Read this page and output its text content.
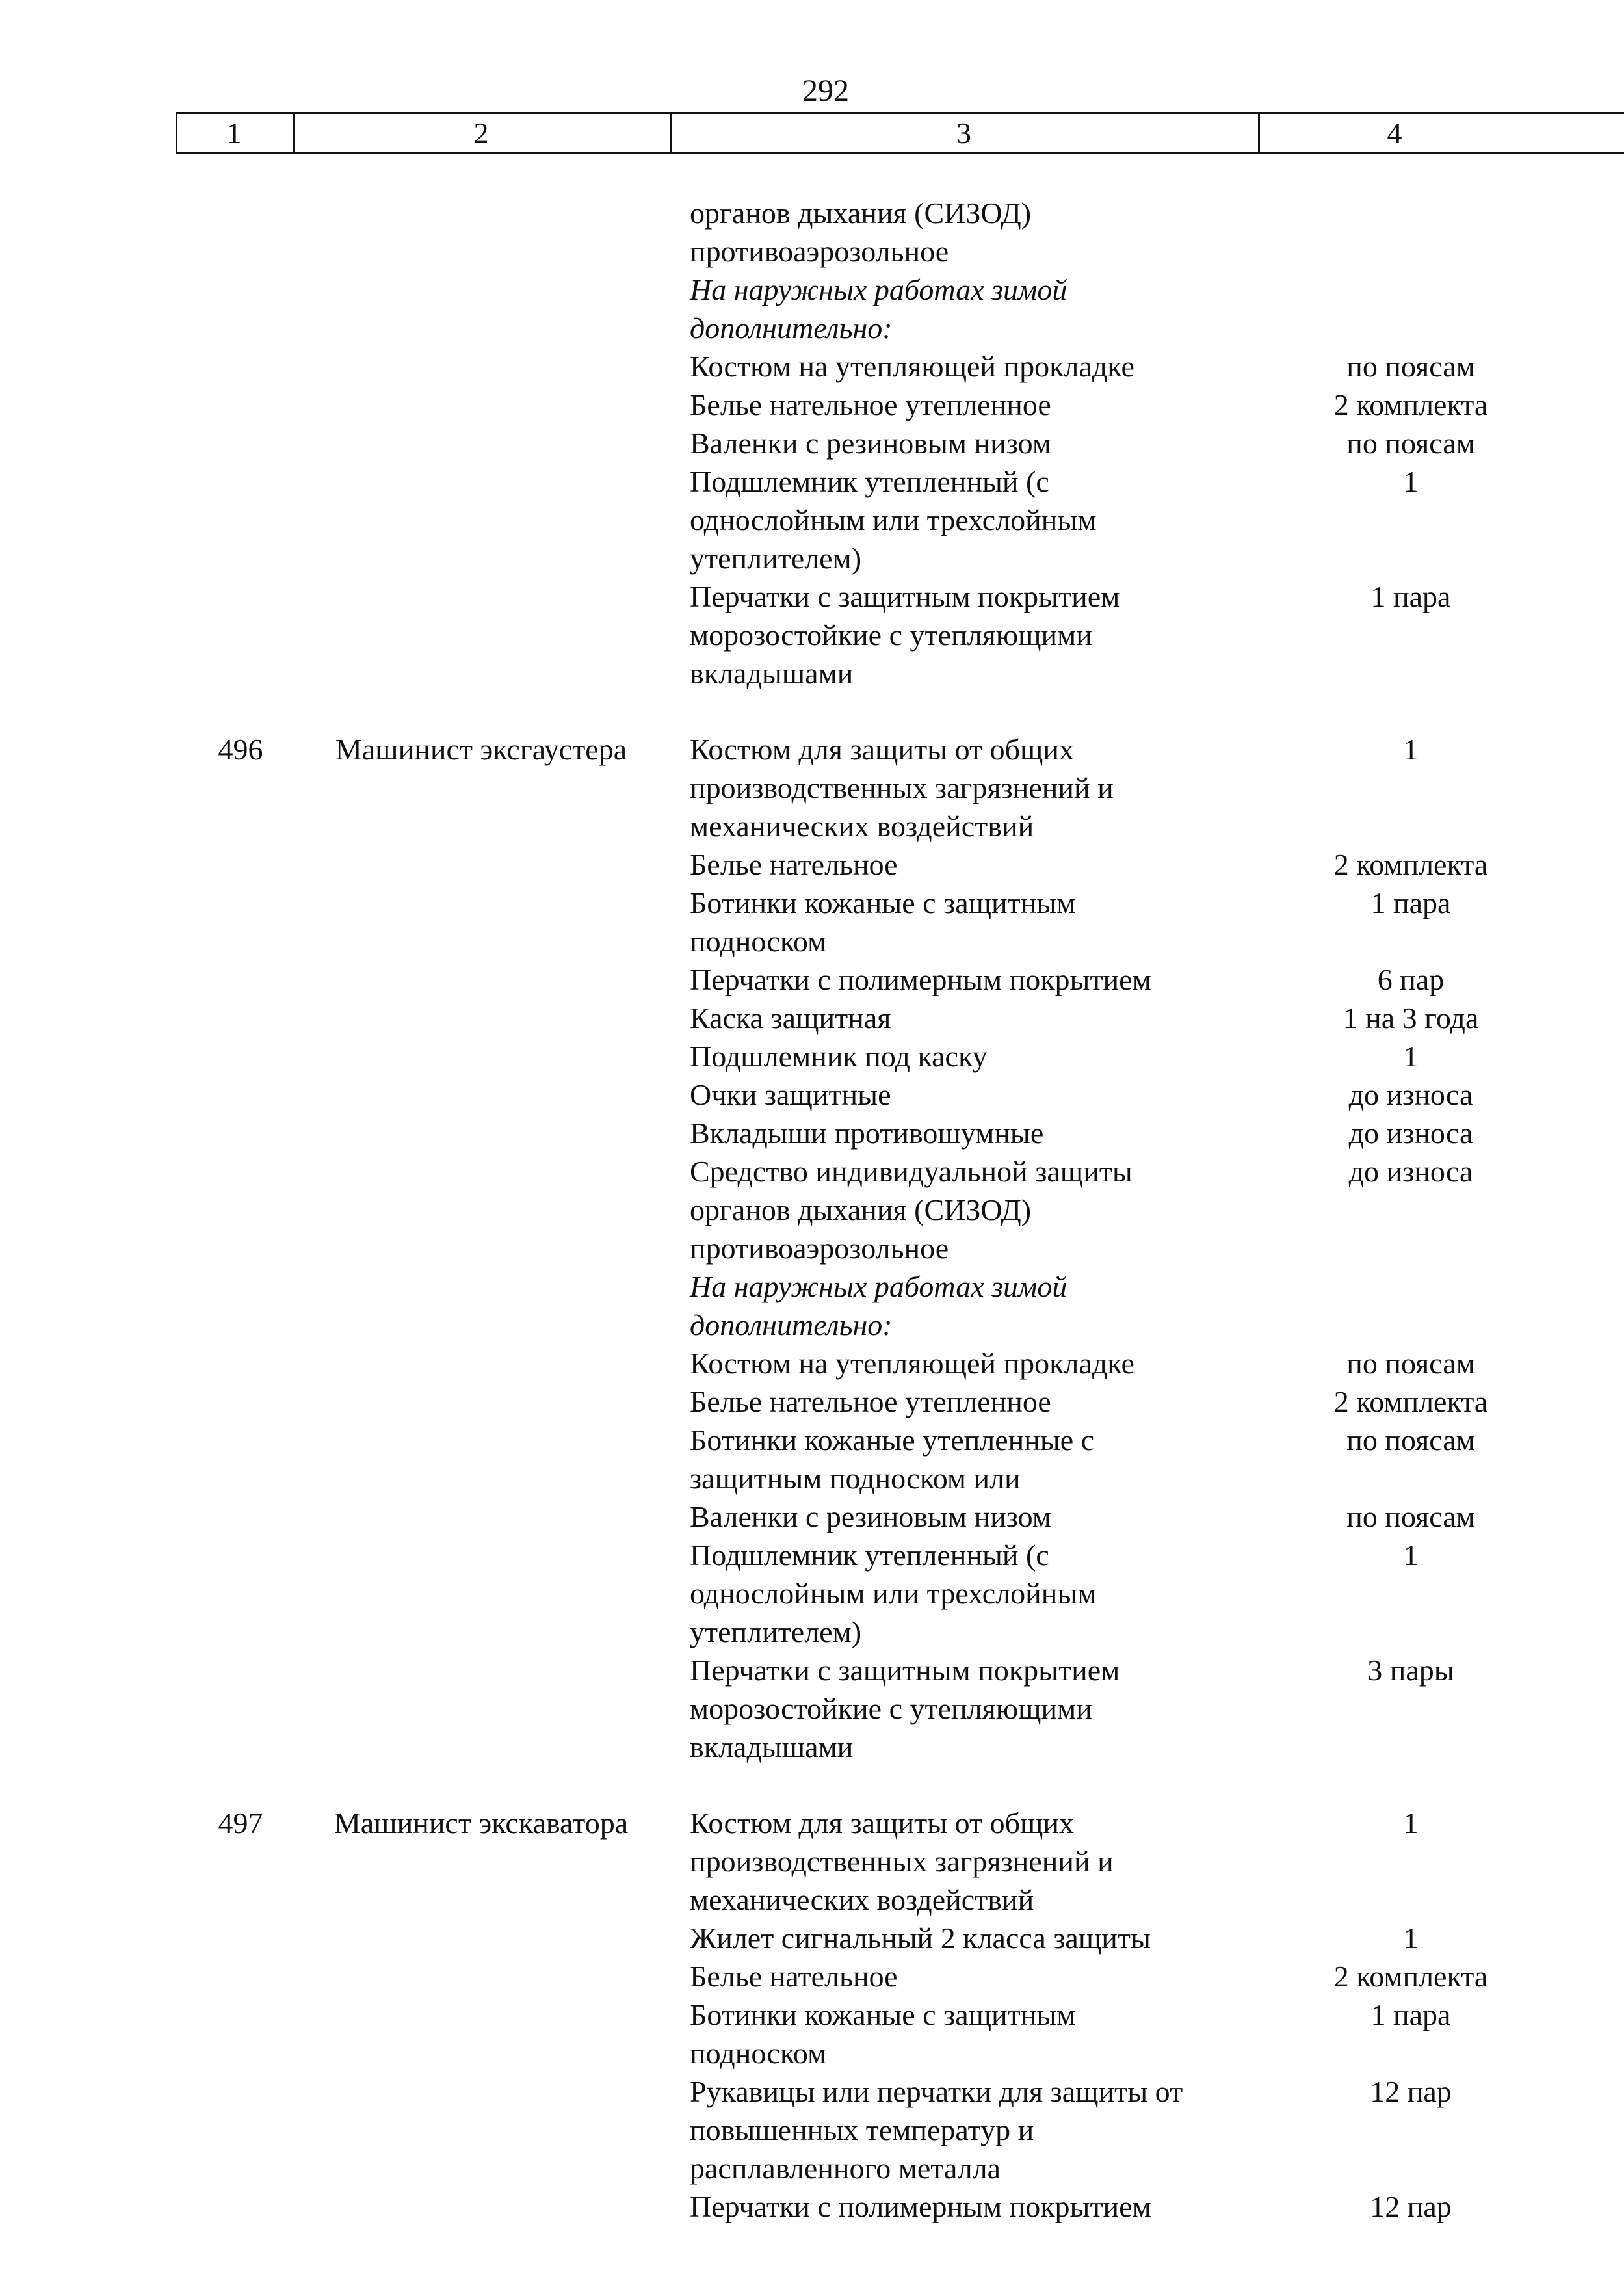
292
1	2	3	4
органов дыхания (СИЗОД)
противоаэрозольное
На наружных работах зимой
дополнительно:
Костюм на утепляющей прокладке	по поясам
Белье нательное утепленное	2 комплекта
Валенки с резиновым низом	по поясам
Подшлемник утепленный (с	1
однослойным или трехслойным
утеплителем)
Перчатки с защитным покрытием	1 пара
морозостойкие с утепляющими
вкладышами
496	Машинист эксгаустера	Костюм для защиты от общих	1
производственных загрязнений и
механических воздействий
Белье нательное	2 комплекта
Ботинки кожаные с защитным	1 пара
подноском
Перчатки с полимерным покрытием	6 пар
Каска защитная	1 на 3 года
Подшлемник под каску	1
Очки защитные	до износа
Вкладыши противошумные	до износа
Средство индивидуальной защиты	до износа
органов дыхания (СИЗОД)
противоаэрозольное
На наружных работах зимой
дополнительно:
Костюм на утепляющей прокладке	по поясам
Белье нательное утепленное	2 комплекта
Ботинки кожаные утепленные с	по поясам
защитным подноском или
Валенки с резиновым низом	по поясам
Подшлемник утепленный (с	1
однослойным или трехслойным
утеплителем)
Перчатки с защитным покрытием	3 пары
морозостойкие с утепляющими
вкладышами
497	Машинист экскаватора	Костюм для защиты от общих	1
производственных загрязнений и
механических воздействий
Жилет сигнальный 2 класса защиты	1
Белье нательное	2 комплекта
Ботинки кожаные с защитным	1 пара
подноском
Рукавицы или перчатки для защиты от	12 пар
повышенных температур и
расплавленного металла
Перчатки с полимерным покрытием	12 пар
